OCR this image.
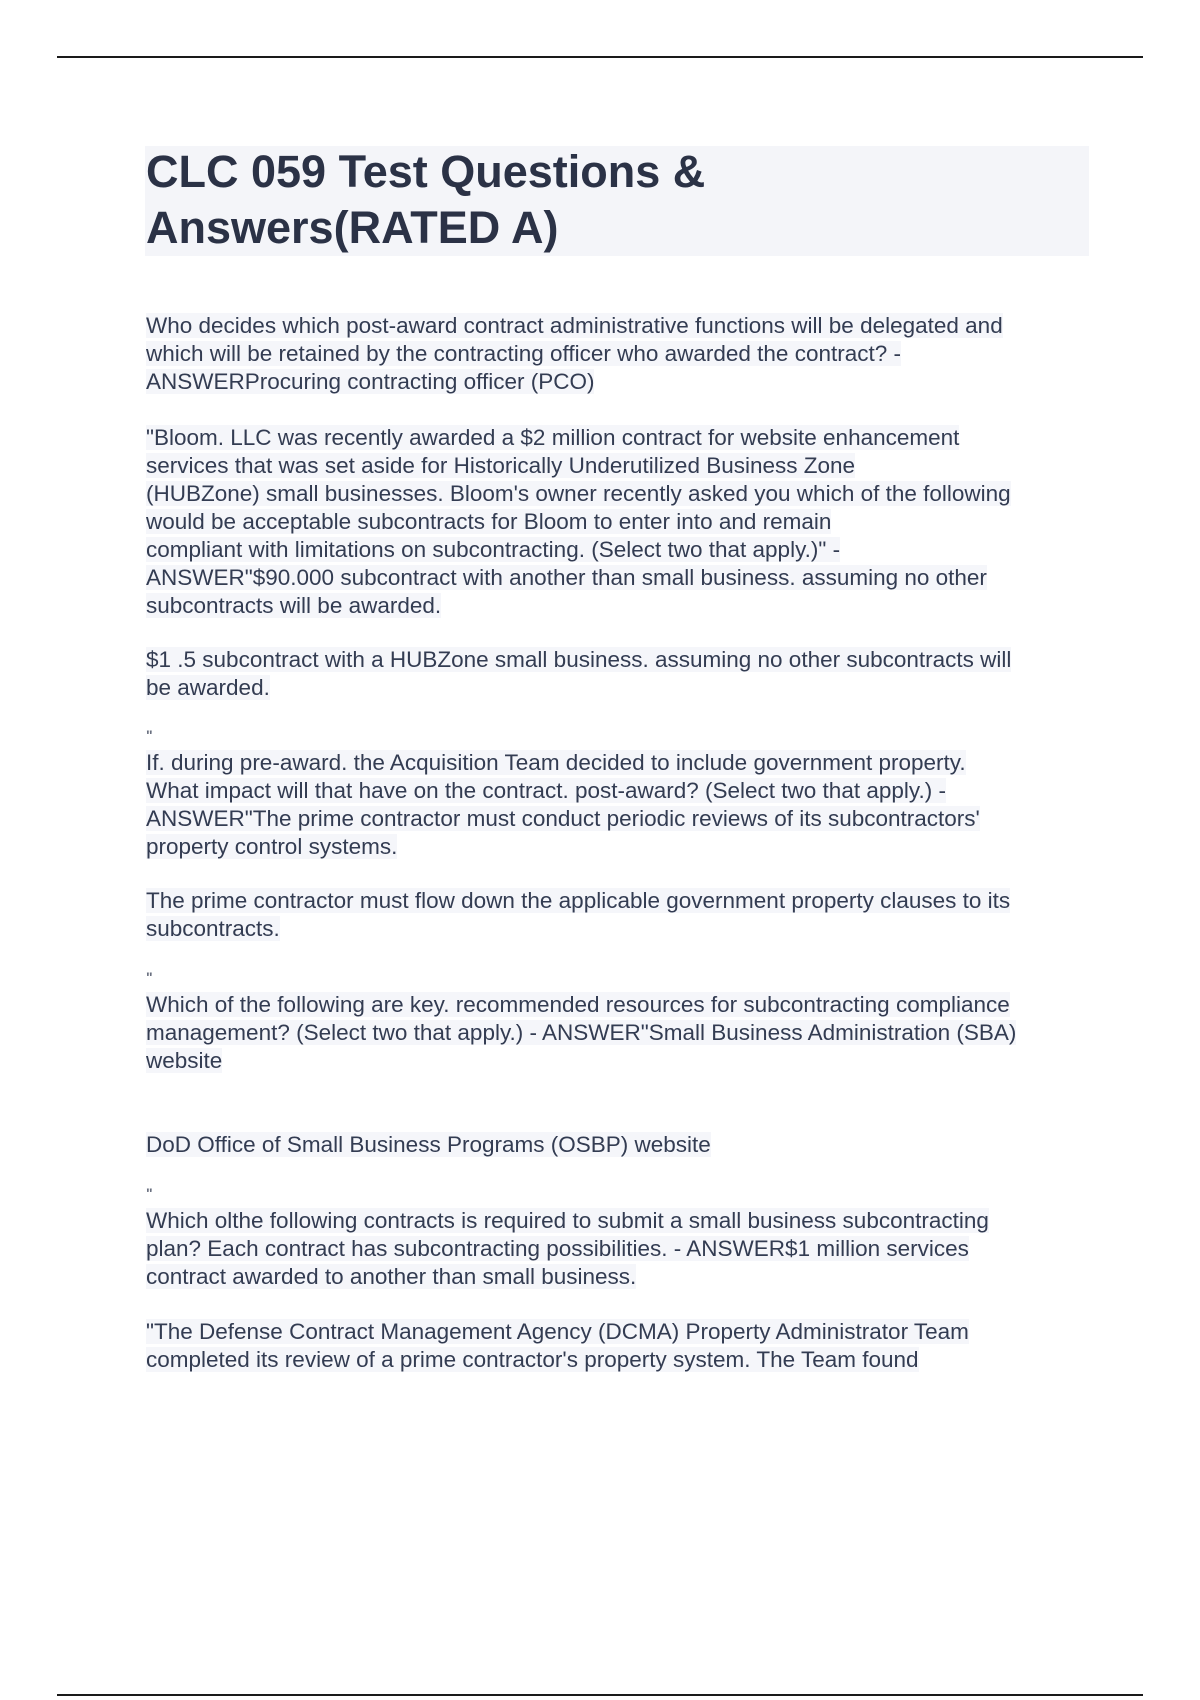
CLC 059 Test Questions &
Answers(RATED A)

Who decides which post-award contract administrative functions will be delegated and
which will be retained by the contracting officer who awarded the contract? -
ANSWERProcuring contracting officer (PCO)

"Bloom. LLC was recently awarded a $2 million contract for website enhancement
services that was set aside for Historically Underutilized Business Zone
(HUBZone) small businesses. Bloom's owner recently asked you which of the following
would be acceptable subcontracts for Bloom to enter into and remain
compliant with limitations on subcontracting. (Select two that apply.)" -
ANSWER"$90.000 subcontract with another than small business. assuming no other
subcontracts will be awarded.

$1 .5 subcontract with a HUBZone small business. assuming no other subcontracts will
be awarded.

"

If. during pre-award. the Acquisition Team decided to include government property.
What impact will that have on the contract. post-award? (Select two that apply.) -
ANSWER"The prime contractor must conduct periodic reviews of its subcontractors'
property control systems.

The prime contractor must flow down the applicable government property clauses to its
subcontracts.

"

Which of the following are key. recommended resources for subcontracting compliance
management? (Select two that apply.) - ANSWER"Small Business Administration (SBA)
website

DoD Office of Small Business Programs (OSBP) website

"

Which olthe following contracts is required to submit a small business subcontracting
plan? Each contract has subcontracting possibilities. - ANSWER$1 million services
contract awarded to another than small business.

"The Defense Contract Management Agency (DCMA) Property Administrator Team
completed its review of a prime contractor's property system. The Team found
